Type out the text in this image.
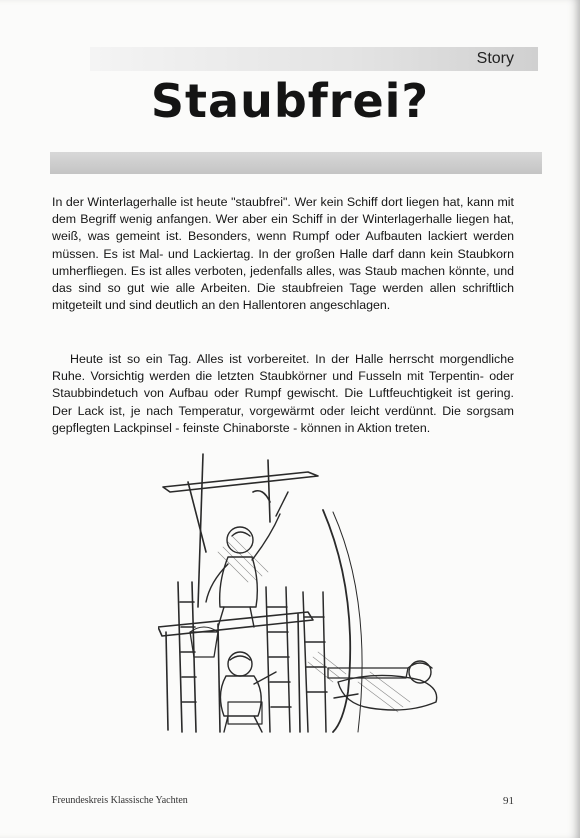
Story
Staubfrei?

In der Winterlagerhalle ist heute "staubfrei". Wer kein Schiff dort liegen hat, kann mit dem Begriff wenig anfangen. Wer aber ein Schiff in der Winterlagerhalle liegen hat, weiß, was gemeint ist. Besonders, wenn Rumpf oder Aufbauten lackiert werden müssen. Es ist Mal- und Lackiertag. In der großen Halle darf dann kein Staubkorn umherfliegen. Es ist alles verboten, jedenfalls alles, was Staub machen könnte, und das sind so gut wie alle Arbeiten. Die staubfreien Tage werden allen schriftlich mitgeteilt und sind deutlich an den Hallentoren angeschlagen.

Heute ist so ein Tag. Alles ist vorbereitet. In der Halle herrscht morgendliche Ruhe. Vorsichtig werden die letzten Staubkörner und Fusseln mit Terpentin- oder Staubbindetuch von Aufbau oder Rumpf gewischt. Die Luftfeuchtigkeit ist gering. Der Lack ist, je nach Temperatur, vorgewärmt oder leicht verdünnt. Die sorgsam gepflegten Lackpinsel - feinste Chinaborste - können in Aktion treten.

Freundeskreis Klassische Yachten	91
